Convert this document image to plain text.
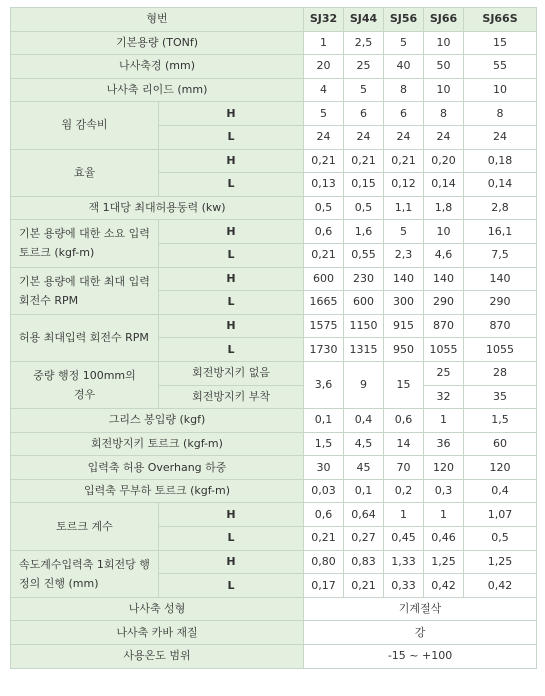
형번		SJ32	SJ44	SJ56	SJ66	SJ66S
기본용량 (TONf)		1	2,5	5	10	15
나사축경 (mm)		20	25	40	50	55
나사축 리이드 (mm)		4	5	8	10	10
웜 감속비	H	5	6	6	8	8
	L	24	24	24	24	24
효율	H	0,21	0,21	0,21	0,20	0,18
	L	0,13	0,15	0,12	0,14	0,14
잭 1대당 최대허용동력 (kw)		0,5	0,5	1,1	1,8	2,8
기본 용량에 대한 소요 입력 토르크 (kgf-m)	H	0,6	1,6	5	10	16,1
	L	0,21	0,55	2,3	4,6	7,5
기본 용량에 대한 최대 입력 회전수 RPM	H	600	230	140	140	140
	L	1665	600	300	290	290
허용 최대입력 회전수 RPM	H	1575	1150	915	870	870
	L	1730	1315	950	1055	1055
중량 행정 100mm의 경우	회전방지키 없음	3,6	9	15	25	28
	회전방지키 부착				32	35
그리스 봉입량 (kgf)		0,1	0,4	0,6	1	1,5
회전방지키 토르크 (kgf-m)		1,5	4,5	14	36	60
입력축 허용 Overhang 하중		30	45	70	120	120
입력축 무부하 토르크 (kgf-m)		0,03	0,1	0,2	0,3	0,4
토르크 계수	H	0,6	0,64	1	1	1,07
	L	0,21	0,27	0,45	0,46	0,5
속도계수입력축 1회전당 행정의 진행 (mm)	H	0,80	0,83	1,33	1,25	1,25
	L	0,17	0,21	0,33	0,42	0,42
나사축 성형		기계절삭				
나사축 카바 재질		강				
사용온도 범위		-15 ~ +100				
